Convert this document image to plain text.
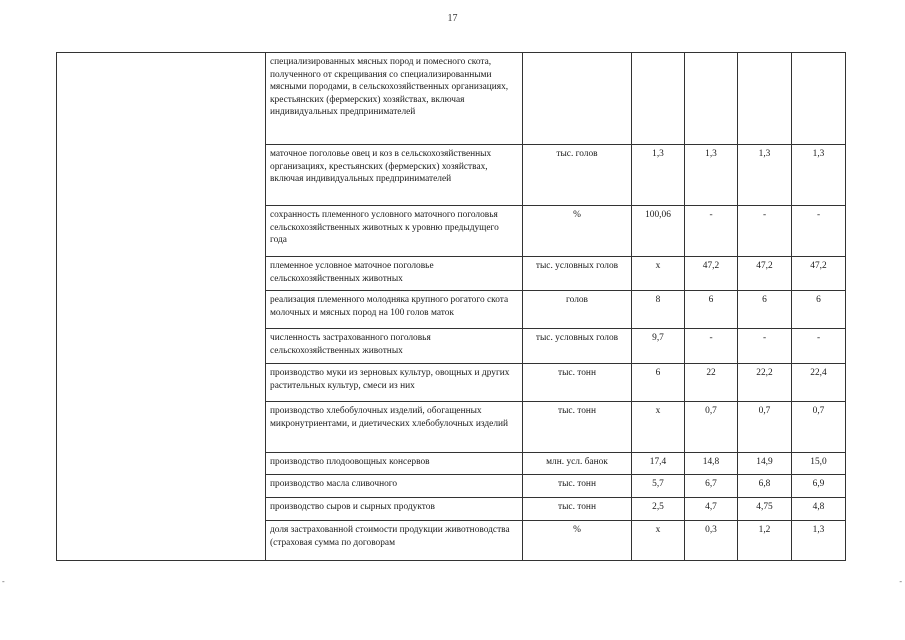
17
	специализированных мясных пород и помесного скота, полученного от скрещивания со специализированными мясными породами, в сельскохозяйственных организациях, крестьянских (фермерских) хозяйствах, включая индивидуальных предпринимателей					
	маточное поголовье овец и коз в сельскохозяйственных организациях, крестьянских (фермерских) хозяйствах, включая индивидуальных предпринимателей	тыс. голов	1,3	1,3	1,3	1,3
	сохранность племенного условного маточного поголовья сельскохозяйственных животных к уровню предыдущего года	%	100,06	-	-	-
	племенное условное маточное поголовье сельскохозяйственных животных	тыс. условных голов	х	47,2	47,2	47,2
	реализация племенного молодняка крупного рогатого скота молочных и мясных пород на 100 голов маток	голов	8	6	6	6
	численность застрахованного поголовья сельскохозяйственных животных	тыс. условных голов	9,7	-	-	-
	производство муки из зерновых культур, овощных и других растительных культур, смеси из них	тыс. тонн	6	22	22,2	22,4
	производство хлебобулочных изделий, обогащенных микронутриентами, и диетических хлебобулочных изделий	тыс. тонн	х	0,7	0,7	0,7
	производство плодоовощных консервов	млн. усл. банок	17,4	14,8	14,9	15,0
	производство масла сливочного	тыс. тонн	5,7	6,7	6,8	6,9
	производство сыров и сырных продуктов	тыс. тонн	2,5	4,7	4,75	4,8
	доля застрахованной стоимости продукции животноводства (страховая сумма по договорам	%	х	0,3	1,2	1,3
-	-
